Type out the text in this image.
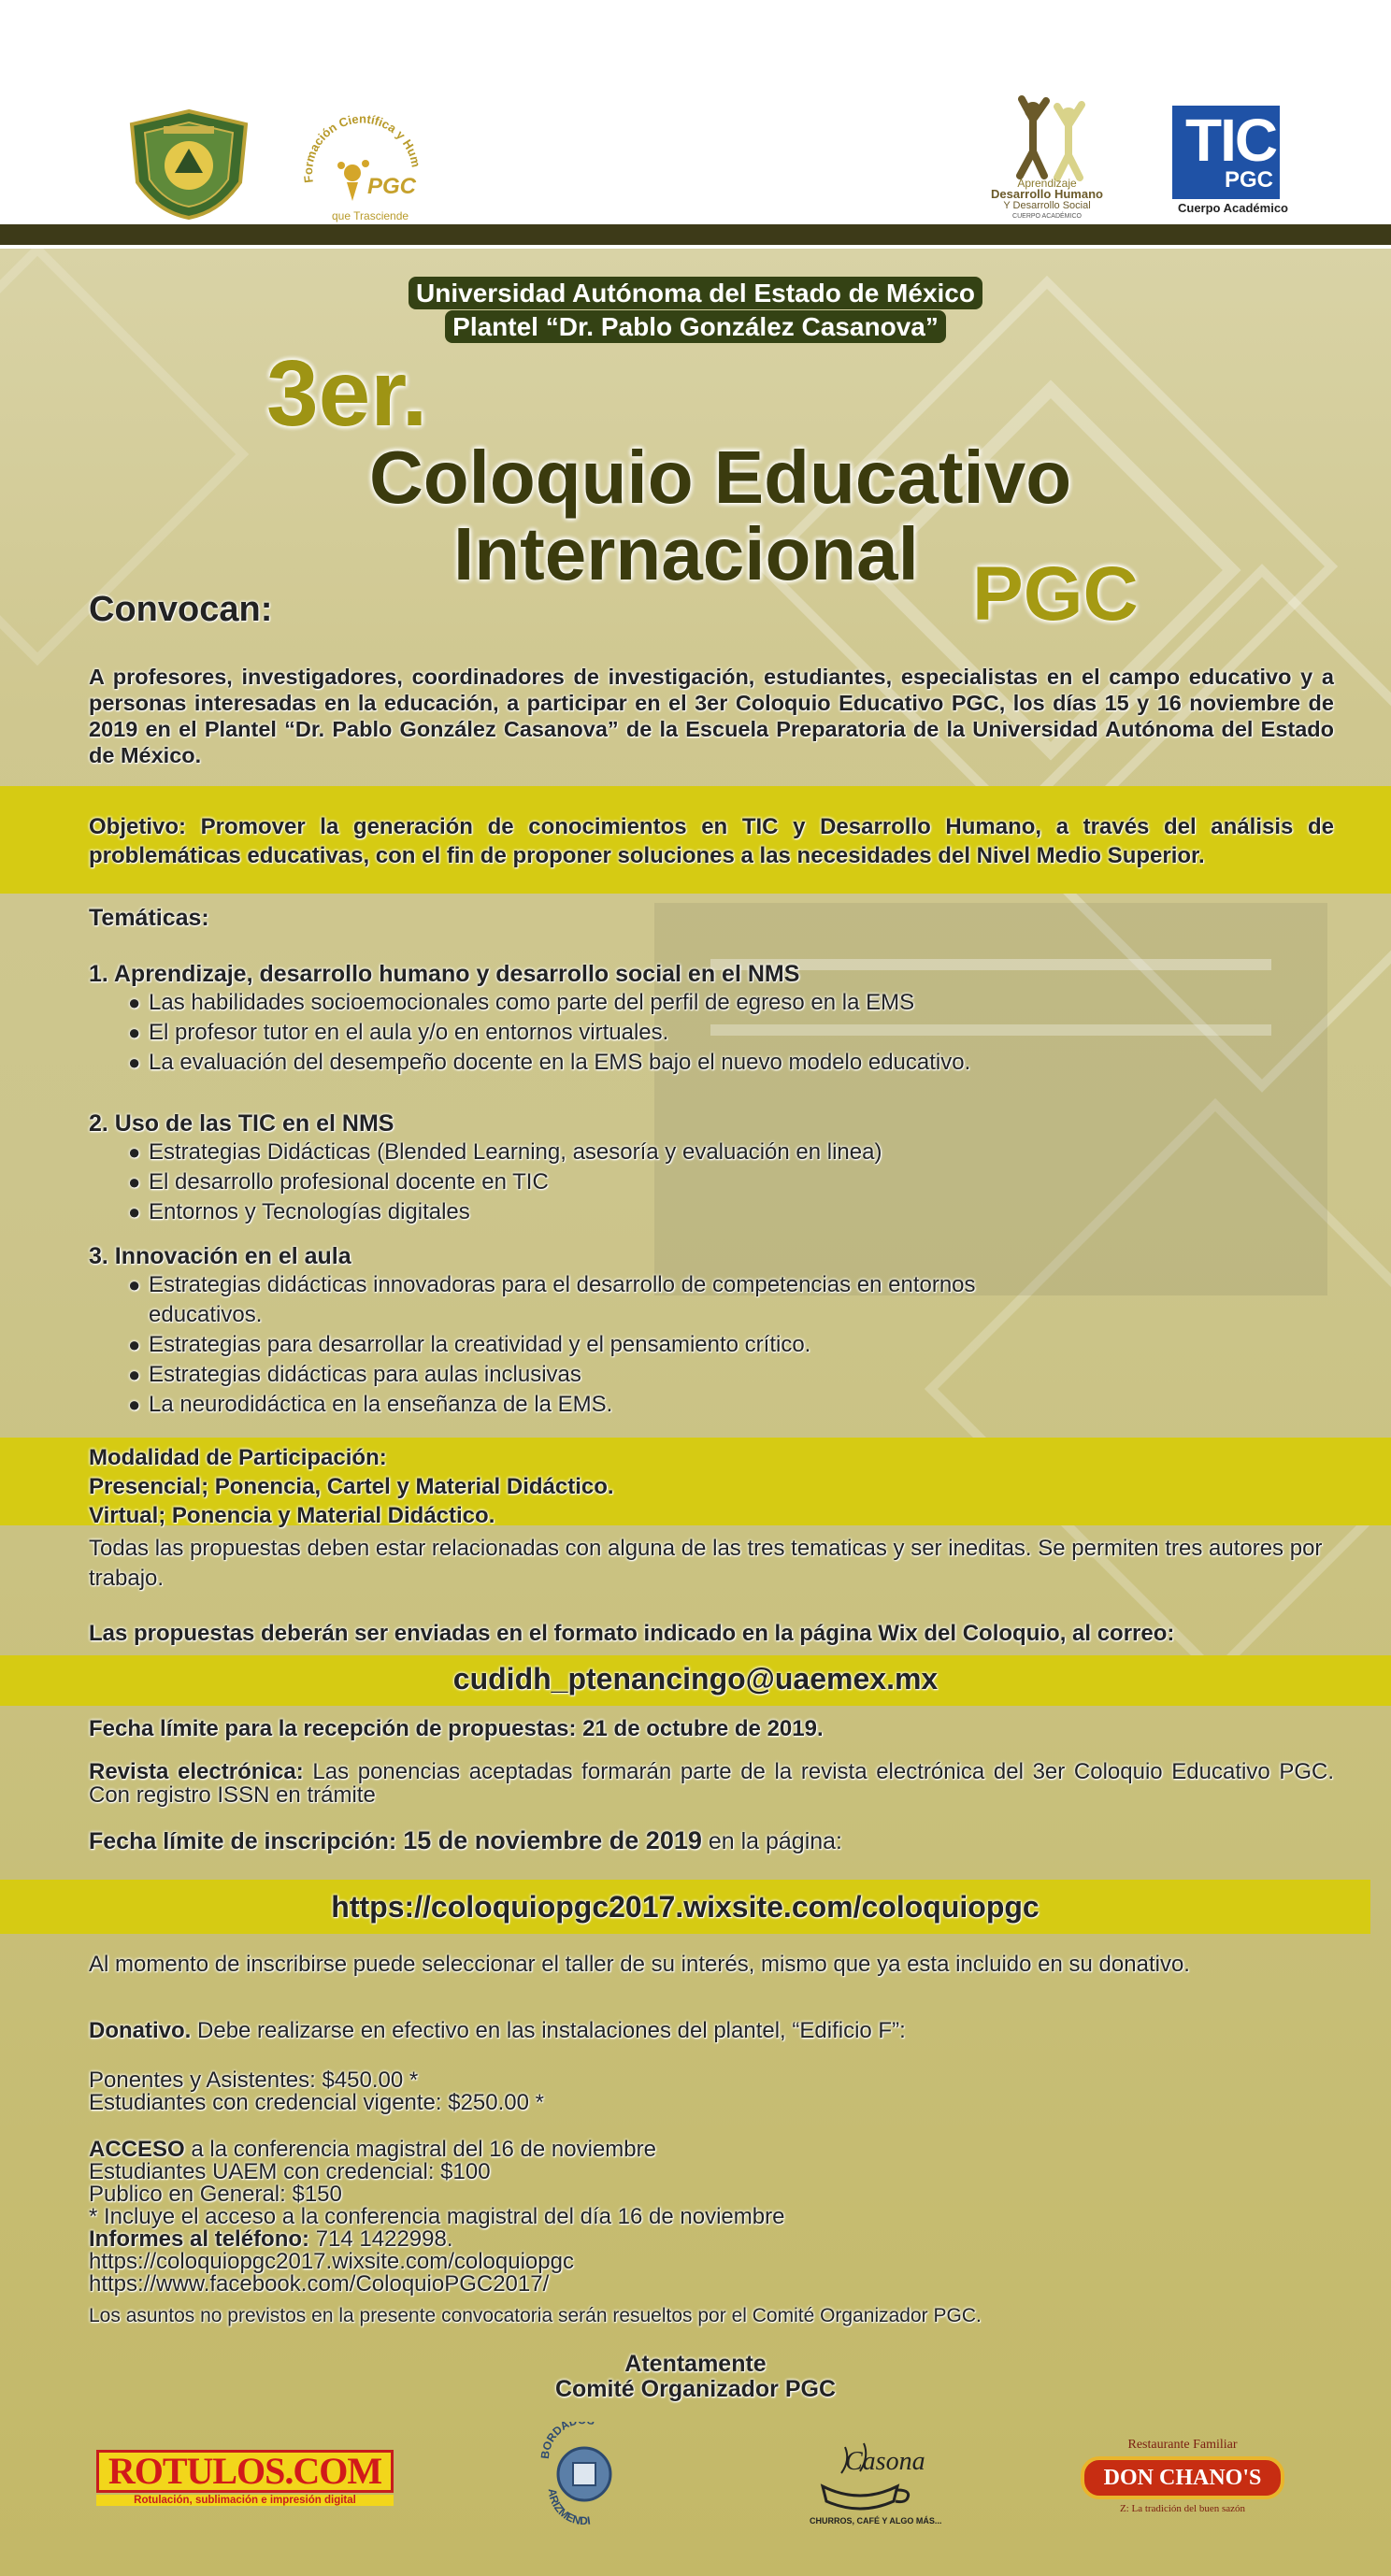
Formación Científica y Hum
PGC
que Trasciende
Aprendizaje
Desarrollo Humano
Y Desarrollo Social
CUERPO ACADÉMICO
TIC
PGC
Cuerpo Académico
Universidad Autónoma del Estado de México
Plantel “Dr. Pablo González Casanova”
3er.
Coloquio Educativo
Internacional PGC
Convocan:
A profesores, investigadores, coordinadores de investigación, estudiantes, especialistas en el campo educativo y a personas interesadas en la educación, a participar en el 3er Coloquio Educativo PGC, los días 15 y 16 noviembre de 2019 en el Plantel “Dr. Pablo González Casanova” de la Escuela Preparatoria de la Universidad Autónoma del Estado de México.
Objetivo: Promover la generación de conocimientos en TIC y Desarrollo Humano, a través del análisis de problemáticas educativas, con el fin de proponer soluciones a las necesidades del Nivel Medio Superior.
Temáticas:
1. Aprendizaje, desarrollo humano y desarrollo social en el NMS
● Las habilidades socioemocionales como parte del perfil de egreso en la EMS
● El profesor tutor en el aula y/o en entornos virtuales.
● La evaluación del desempeño docente en la EMS bajo el nuevo modelo educativo.
2. Uso de las TIC en el NMS
● Estrategias Didácticas (Blended Learning, asesoría y evaluación en linea)
● El desarrollo profesional docente en TIC
● Entornos y Tecnologías digitales
3. Innovación en el aula
● Estrategias didácticas innovadoras para el desarrollo de competencias en entornos educativos.
● Estrategias para desarrollar la creatividad y el pensamiento crítico.
● Estrategias didácticas para aulas inclusivas
● La neurodidáctica en la enseñanza de la EMS.
Modalidad de Participación:
Presencial; Ponencia, Cartel y Material Didáctico.
Virtual; Ponencia y Material Didáctico.
Todas las propuestas deben estar relacionadas con alguna de las tres tematicas y ser ineditas. Se permiten tres autores por trabajo.
Las propuestas deberán ser enviadas en el formato indicado en la página Wix del Coloquio, al correo:
cudidh_ptenancingo@uaemex.mx
Fecha límite para la recepción de propuestas: 21 de octubre de 2019.
Revista electrónica: Las ponencias aceptadas formarán parte de la revista electrónica del 3er Coloquio Educativo PGC. Con registro ISSN en trámite
Fecha límite de inscripción: 15 de noviembre de 2019 en la página:
https://coloquiopgc2017.wixsite.com/coloquiopgc
Al momento de inscribirse puede seleccionar el taller de su interés, mismo que ya esta incluido en su donativo.
Donativo. Debe realizarse en efectivo en las instalaciones del plantel, “Edificio F”:
Ponentes y Asistentes: $450.00 *
Estudiantes con credencial vigente: $250.00 *
ACCESO a la conferencia magistral del 16 de noviembre
Estudiantes UAEM con credencial: $100
Publico en General: $150
* Incluye el acceso a la conferencia magistral del día 16 de noviembre
Informes al teléfono: 714 1422998.
https://coloquiopgc2017.wixsite.com/coloquiopgc
https://www.facebook.com/ColoquioPGC2017/
Los asuntos no previstos en la presente convocatoria serán resueltos por el Comité Organizador PGC.
Atentamente
Comité Organizador PGC
ROTULOS.COM
Rotulación, sublimación e impresión digital
BORDA
ARIZMENDI
Casona
CHURROS, CAFÉ Y ALGO MÁS...
Restaurante Familiar
DON CHANO'S
Z: La tradición del buen sazón
